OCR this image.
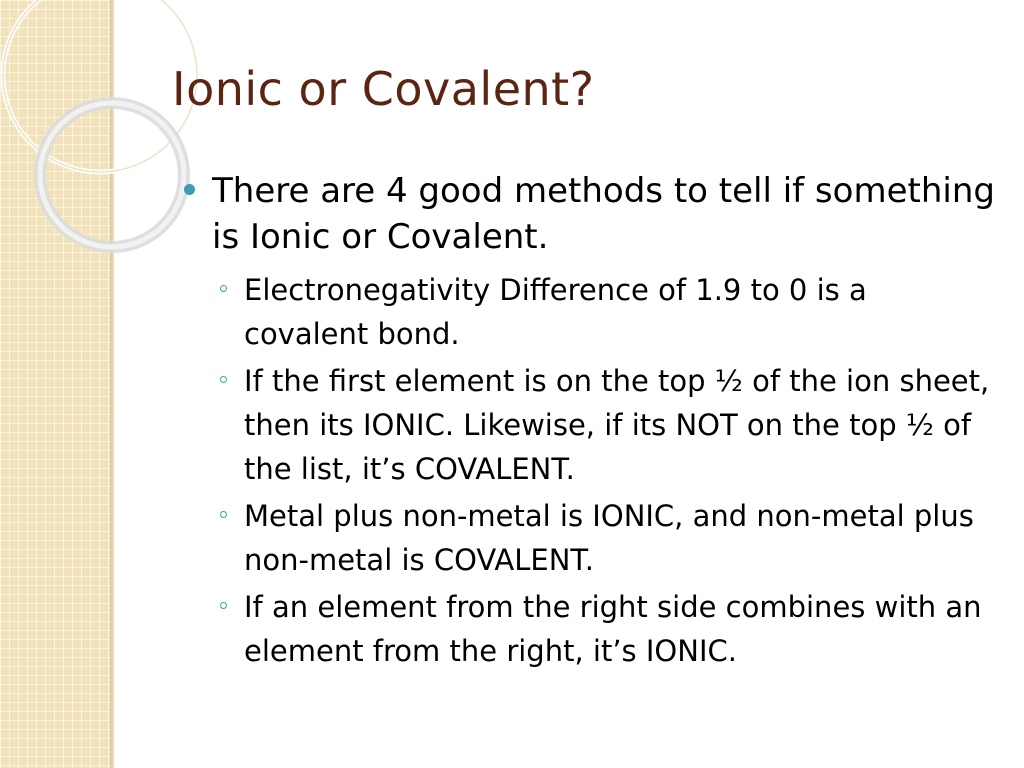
Ionic or Covalent?
There are 4 good methods to tell if something is Ionic or Covalent.
Electronegativity Difference of 1.9 to 0 is a covalent bond.
If the first element is on the top ½ of the ion sheet, then its IONIC. Likewise, if its NOT on the top ½ of the list, it’s COVALENT.
Metal plus non-metal is IONIC, and non-metal plus non-metal is COVALENT.
If an element from the right side combines with an element from the right, it’s IONIC.
